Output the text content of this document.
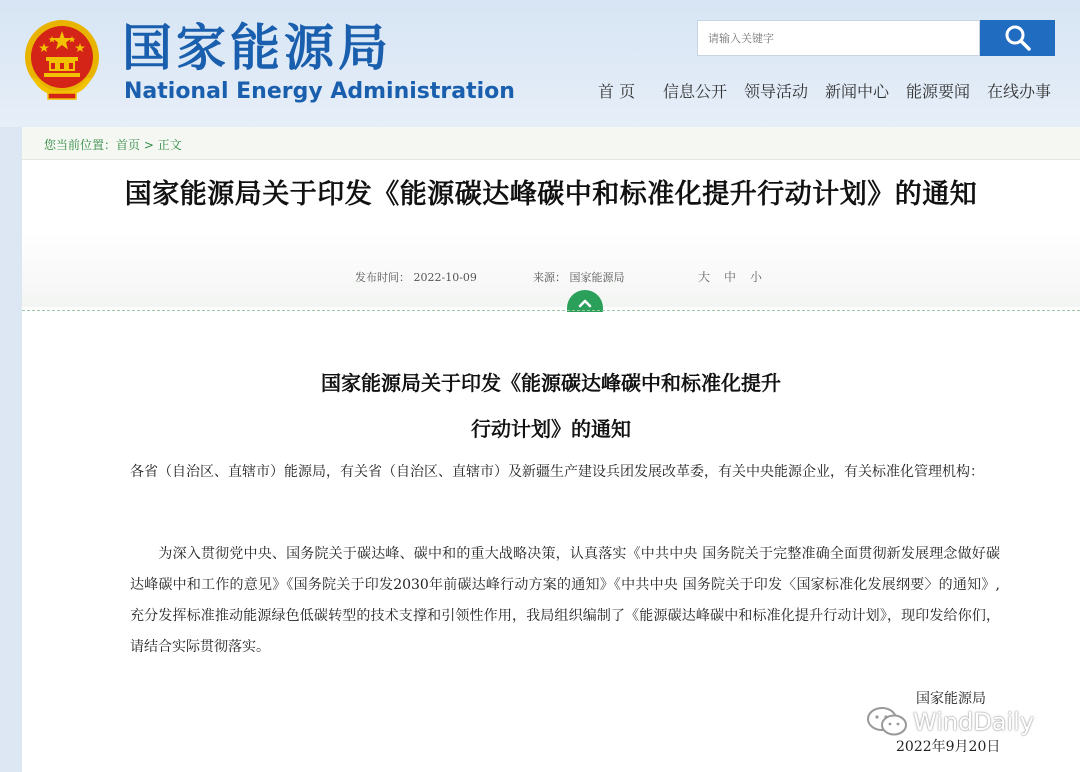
国家能源局
National Energy Administration
请输入关键字	首 页 信息公开 领导活动 新闻中心 能源要闻 在线办事
您当前位置：首页 > 正文
国家能源局关于印发《能源碳达峰碳中和标准化提升行动计划》的通知
发布时间： 2022-10-09	来源： 国家能源局	大 中 小
国家能源局关于印发《能源碳达峰碳中和标准化提升
行动计划》的通知
各省（自治区、直辖市）能源局，有关省（自治区、直辖市）及新疆生产建设兵团发展改革委，有关中央能源企业，有关标准化管理机构：
　　为深入贯彻党中央、国务院关于碳达峰、碳中和的重大战略决策，认真落实《中共中央 国务院关于完整准确全面贯彻新发展理念做好碳达峰碳中和工作的意见》《国务院关于印发2030年前碳达峰行动方案的通知》《中共中央 国务院关于印发〈国家标准化发展纲要〉的通知》,充分发挥标准推动能源绿色低碳转型的技术支撑和引领性作用，我局组织编制了《能源碳达峰碳中和标准化提升行动计划》，现印发给你们，请结合实际贯彻落实。
国家能源局
2022年9月20日
WindDaily
